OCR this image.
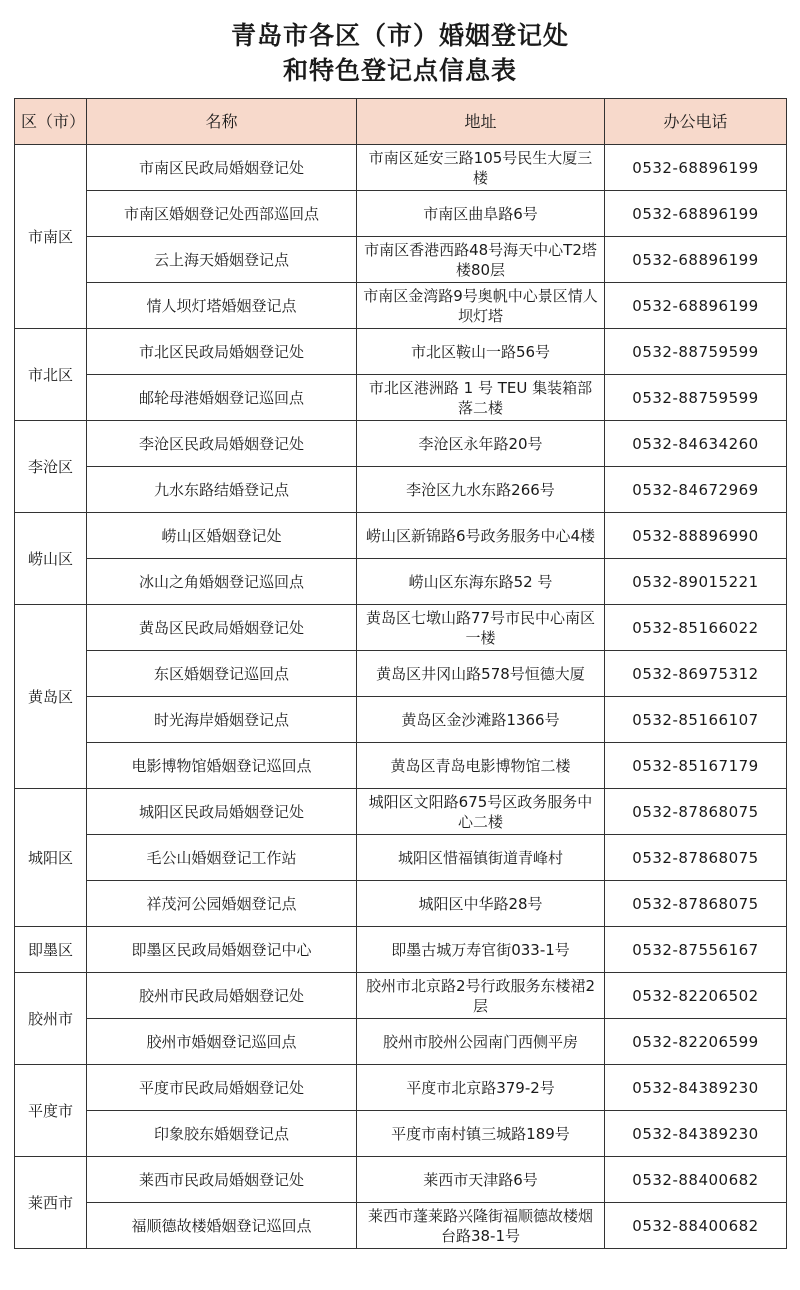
青岛市各区（市）婚姻登记处
和特色登记点信息表
区（市）	名称	地址	办公电话
市南区	市南区民政局婚姻登记处	市南区延安三路105号民生大厦三楼	0532-68896199
	市南区婚姻登记处西部巡回点	市南区曲阜路6号	0532-68896199
	云上海天婚姻登记点	市南区香港西路48号海天中心T2塔楼80层	0532-68896199
	情人坝灯塔婚姻登记点	市南区金湾路9号奥帆中心景区情人坝灯塔	0532-68896199
市北区	市北区民政局婚姻登记处	市北区鞍山一路56号	0532-88759599
	邮轮母港婚姻登记巡回点	市北区港洲路 1 号 TEU 集装箱部落二楼	0532-88759599
李沧区	李沧区民政局婚姻登记处	李沧区永年路20号	0532-84634260
	九水东路结婚登记点	李沧区九水东路266号	0532-84672969
崂山区	崂山区婚姻登记处	崂山区新锦路6号政务服务中心4楼	0532-88896990
	冰山之角婚姻登记巡回点	崂山区东海东路52 号	0532-89015221
黄岛区	黄岛区民政局婚姻登记处	黄岛区七墩山路77号市民中心南区一楼	0532-85166022
	东区婚姻登记巡回点	黄岛区井冈山路578号恒德大厦	0532-86975312
	时光海岸婚姻登记点	黄岛区金沙滩路1366号	0532-85166107
	电影博物馆婚姻登记巡回点	黄岛区青岛电影博物馆二楼	0532-85167179
城阳区	城阳区民政局婚姻登记处	城阳区文阳路675号区政务服务中心二楼	0532-87868075
	毛公山婚姻登记工作站	城阳区惜福镇街道青峰村	0532-87868075
	祥茂河公园婚姻登记点	城阳区中华路28号	0532-87868075
即墨区	即墨区民政局婚姻登记中心	即墨古城万寿官街033-1号	0532-87556167
胶州市	胶州市民政局婚姻登记处	胶州市北京路2号行政服务东楼裙2层	0532-82206502
	胶州市婚姻登记巡回点	胶州市胶州公园南门西侧平房	0532-82206599
平度市	平度市民政局婚姻登记处	平度市北京路379-2号	0532-84389230
	印象胶东婚姻登记点	平度市南村镇三城路189号	0532-84389230
莱西市	莱西市民政局婚姻登记处	莱西市天津路6号	0532-88400682
	福顺德故楼婚姻登记巡回点	莱西市蓬莱路兴隆街福顺德故楼烟台路38-1号	0532-88400682
